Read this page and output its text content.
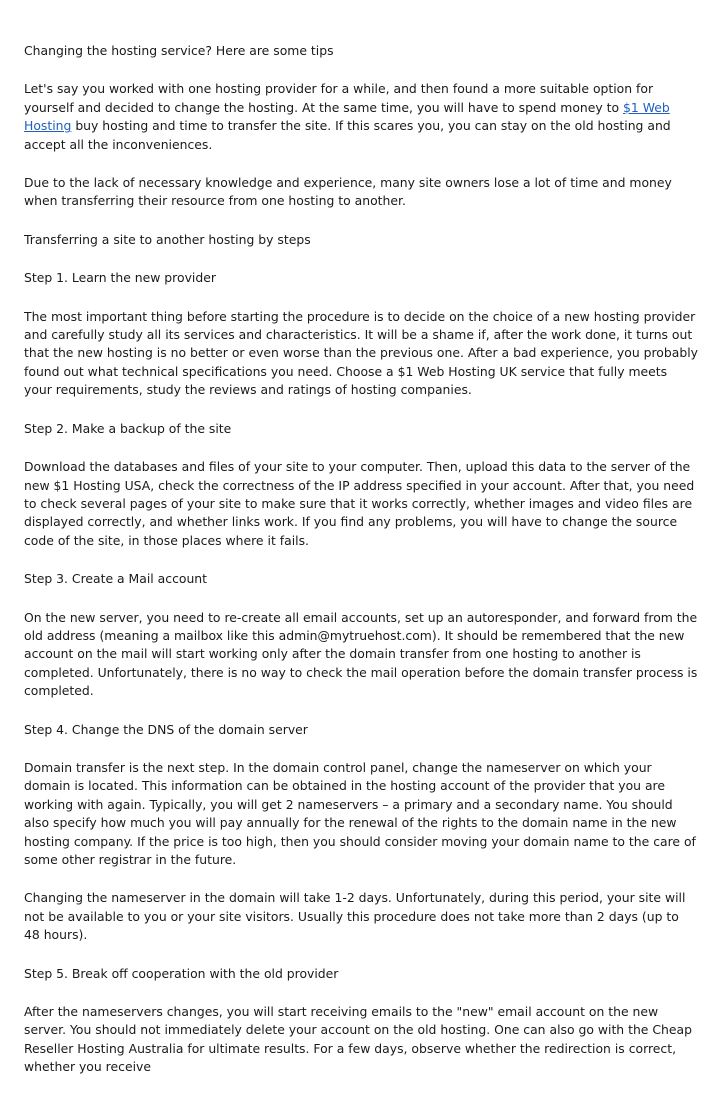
Changing the hosting service? Here are some tips

Let's say you worked with one hosting provider for a while, and then found a more suitable option for yourself and decided to change the hosting. At the same time, you will have to spend money to $1 Web Hosting buy hosting and time to transfer the site. If this scares you, you can stay on the old hosting and accept all the inconveniences.

Due to the lack of necessary knowledge and experience, many site owners lose a lot of time and money when transferring their resource from one hosting to another.

Transferring a site to another hosting by steps

Step 1. Learn the new provider

The most important thing before starting the procedure is to decide on the choice of a new hosting provider and carefully study all its services and characteristics. It will be a shame if, after the work done, it turns out that the new hosting is no better or even worse than the previous one. After a bad experience, you probably found out what technical specifications you need. Choose a $1 Web Hosting UK service that fully meets your requirements, study the reviews and ratings of hosting companies.

Step 2. Make a backup of the site

Download the databases and files of your site to your computer. Then, upload this data to the server of the new $1 Hosting USA, check the correctness of the IP address specified in your account. After that, you need to check several pages of your site to make sure that it works correctly, whether images and video files are displayed correctly, and whether links work. If you find any problems, you will have to change the source code of the site, in those places where it fails.

Step 3. Create a Mail account

On the new server, you need to re-create all email accounts, set up an autoresponder, and forward from the old address (meaning a mailbox like this admin@mytruehost.com). It should be remembered that the new account on the mail will start working only after the domain transfer from one hosting to another is completed. Unfortunately, there is no way to check the mail operation before the domain transfer process is completed.

Step 4. Change the DNS of the domain server

Domain transfer is the next step. In the domain control panel, change the nameserver on which your domain is located. This information can be obtained in the hosting account of the provider that you are working with again. Typically, you will get 2 nameservers – a primary and a secondary name. You should also specify how much you will pay annually for the renewal of the rights to the domain name in the new hosting company. If the price is too high, then you should consider moving your domain name to the care of some other registrar in the future.

Changing the nameserver in the domain will take 1-2 days. Unfortunately, during this period, your site will not be available to you or your site visitors. Usually this procedure does not take more than 2 days (up to 48 hours).

Step 5. Break off cooperation with the old provider

After the nameservers changes, you will start receiving emails to the "new" email account on the new server. You should not immediately delete your account on the old hosting. One can also go with the Cheap Reseller Hosting Australia for ultimate results. For a few days, observe whether the redirection is correct, whether you receive
